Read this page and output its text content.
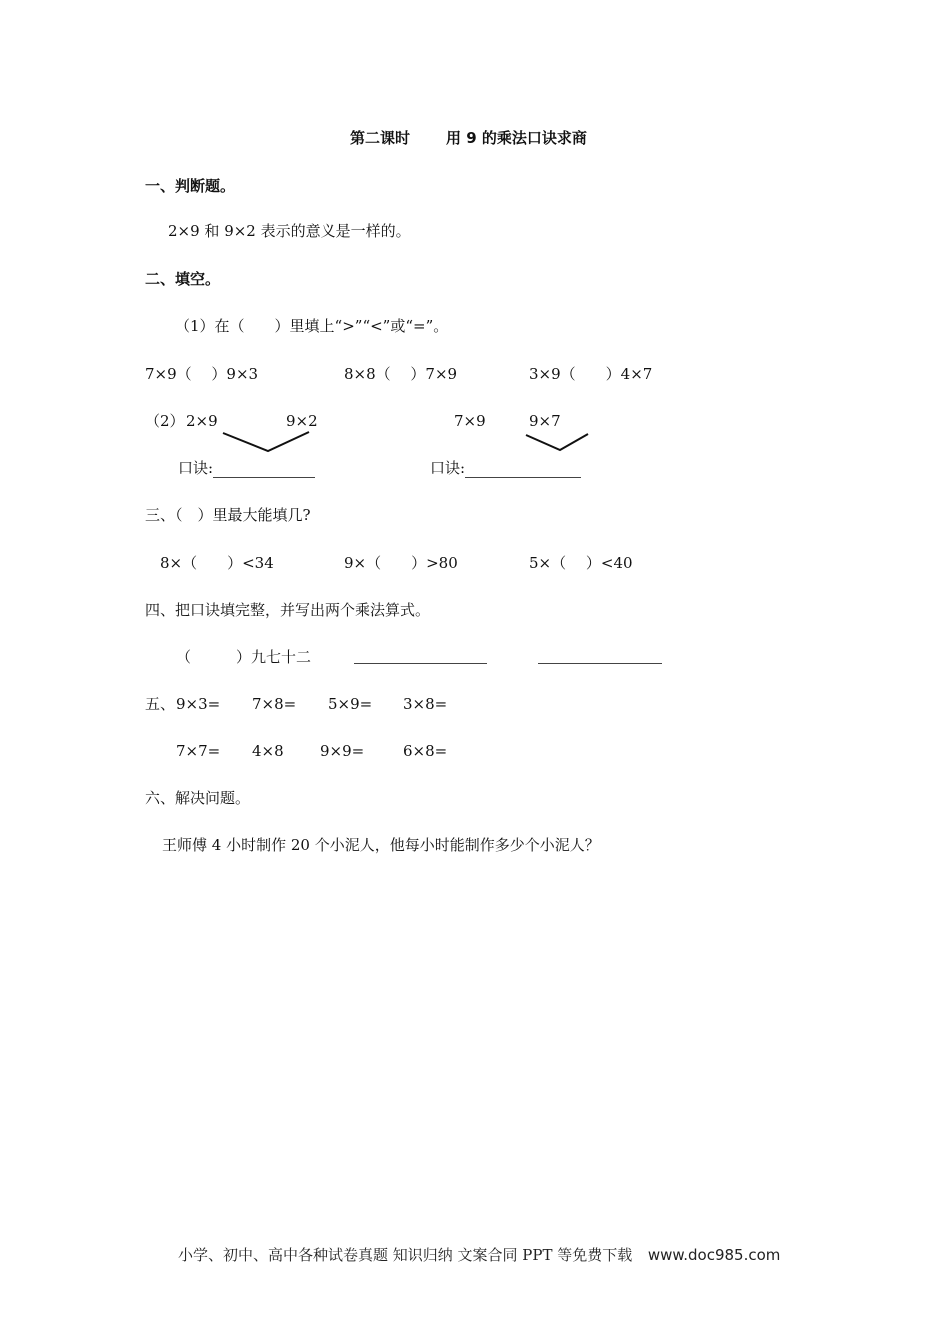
第二课时 用 9 的乘法口诀求商
一、判断题。
2×9 和 9×2 表示的意义是一样的。
二、填空。
（1）在（　　）里填上“>”“<”或“=”。
7×9（　 ）9×3	8×8（　 ）7×9	3×9（　　）4×7
（2） 2×9	9×2	7×9	9×7
口诀:	口诀:
三、（　）里最大能填几?
8×（　　）<34	9×（　　）>80	5×（　 ）<40
四、把口诀填完整，并写出两个乘法算式。
（　　　）九七十二
五、 9×3= 7×8= 5×9= 3×8=
7×7= 4×8 9×9=	6×8=
六、解决问题。
王师傅 4 小时制作 20 个小泥人，他每小时能制作多少个小泥人？
小学、初中、高中各种试卷真题 知识归纳 文案合同 PPT 等免费下载 www.doc985.com
